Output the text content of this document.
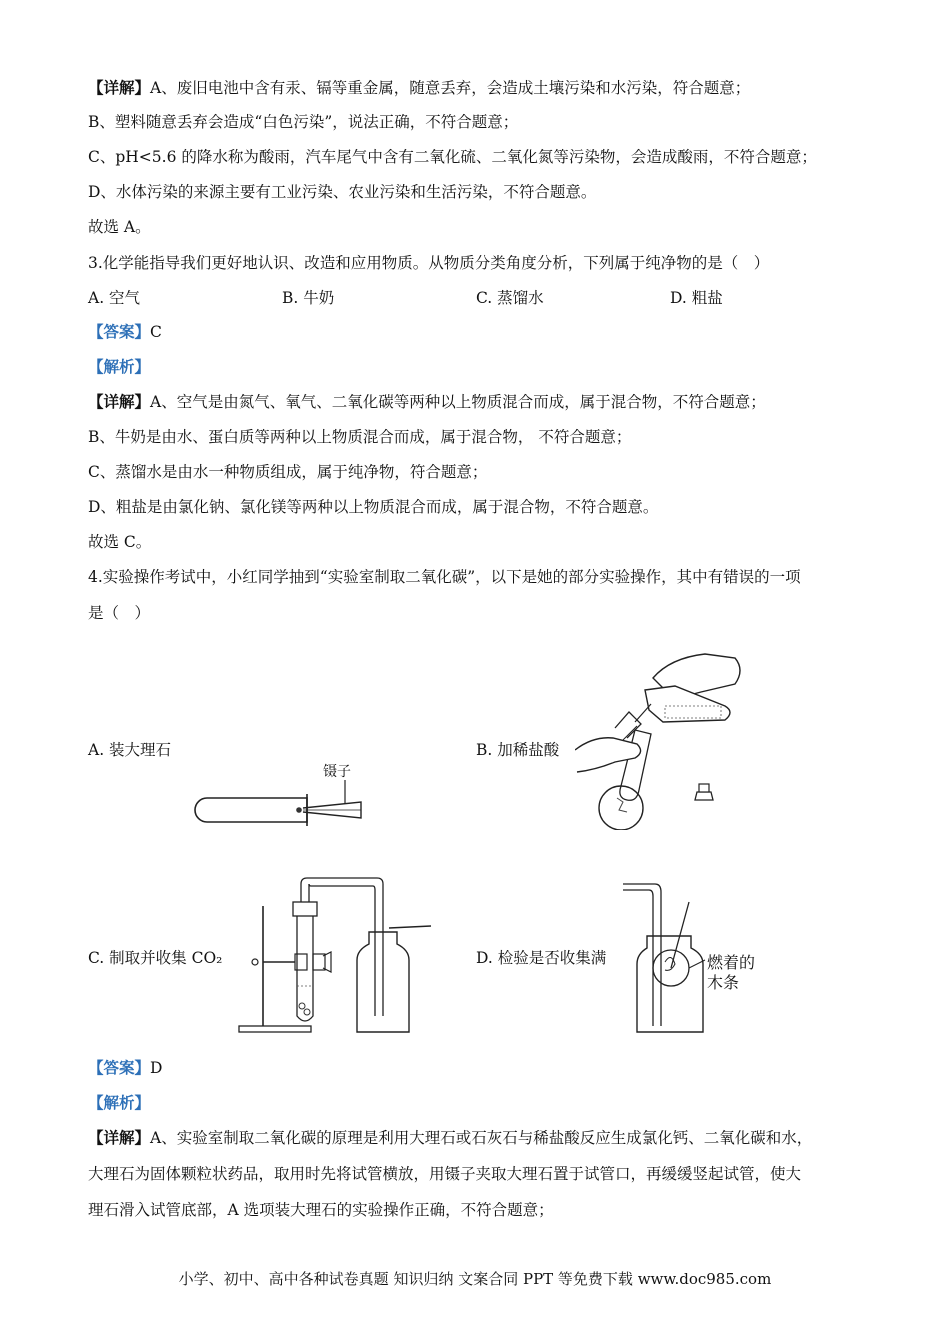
【详解】A、废旧电池中含有汞、镉等重金属，随意丢弃，会造成土壤污染和水污染，符合题意；
B、塑料随意丢弃会造成“白色污染”，说法正确，不符合题意；
C、pH<5.6 的降水称为酸雨，汽车尾气中含有二氧化硫、二氧化氮等污染物，会造成酸雨，不符合题意；
D、水体污染的来源主要有工业污染、农业污染和生活污染，不符合题意。
故选 A。
3.化学能指导我们更好地认识、改造和应用物质。从物质分类角度分析，下列属于纯净物的是（　）
A. 空气	B. 牛奶	C. 蒸馏水	D. 粗盐
【答案】C
【解析】
【详解】A、空气是由氮气、氧气、二氧化碳等两种以上物质混合而成，属于混合物，不符合题意；
B、牛奶是由水、蛋白质等两种以上物质混合而成，属于混合物， 不符合题意；
C、蒸馏水是由水一种物质组成，属于纯净物，符合题意；
D、粗盐是由氯化钠、氯化镁等两种以上物质混合而成，属于混合物，不符合题意。
故选 C。
4.实验操作考试中，小红同学抽到“实验室制取二氧化碳”，以下是她的部分实验操作，其中有错误的一项
是（　）
A. 装大理石	B. 加稀盐酸
C. 制取并收集 CO₂	D. 检验是否收集满
镊子
燃着的
木条
【答案】D
【解析】
【详解】A、实验室制取二氧化碳的原理是利用大理石或石灰石与稀盐酸反应生成氯化钙、二氧化碳和水，
大理石为固体颗粒状药品，取用时先将试管横放，用镊子夹取大理石置于试管口，再缓缓竖起试管，使大
理石滑入试管底部，A 选项装大理石的实验操作正确，不符合题意；
小学、初中、高中各种试卷真题 知识归纳 文案合同 PPT 等免费下载 www.doc985.com
